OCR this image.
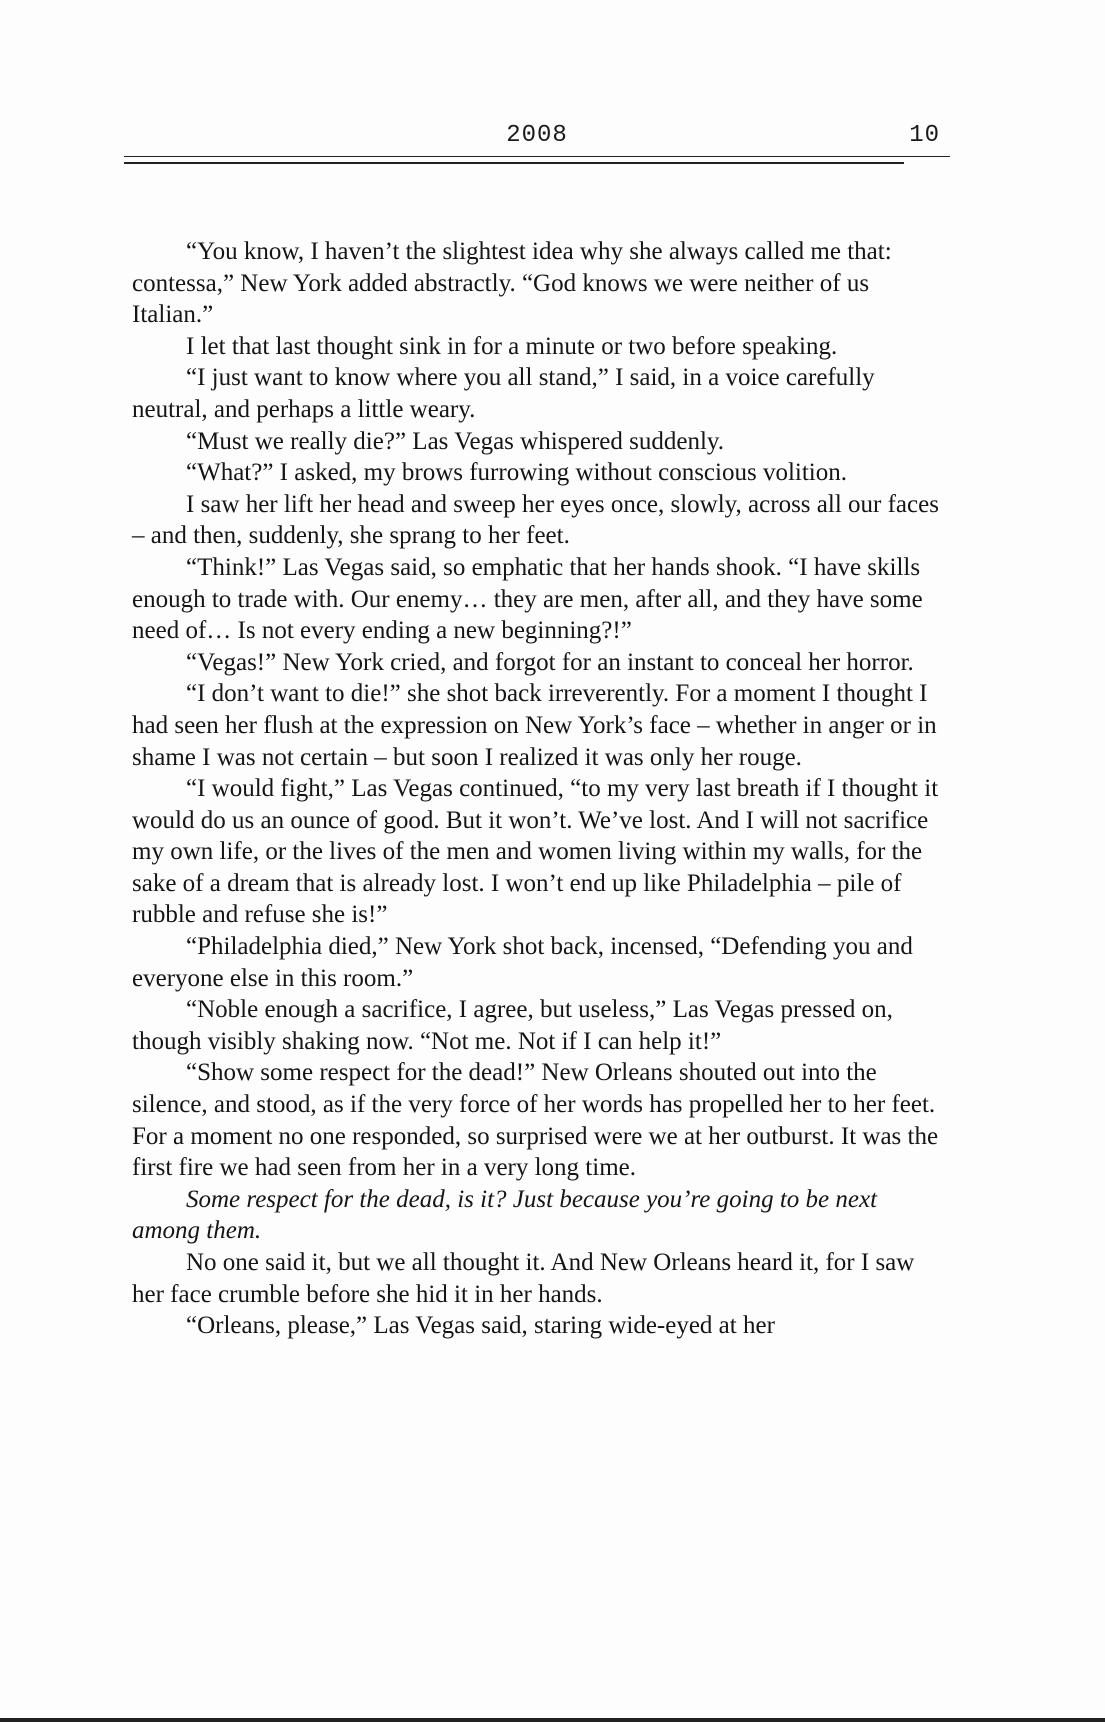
2008	10

“You know, I haven’t the slightest idea why she always called me that: contessa,” New York added abstractly. “God knows we were neither of us Italian.”

I let that last thought sink in for a minute or two before speaking.

“I just want to know where you all stand,” I said, in a voice carefully neutral, and perhaps a little weary.

“Must we really die?” Las Vegas whispered suddenly.

“What?” I asked, my brows furrowing without conscious volition.

I saw her lift her head and sweep her eyes once, slowly, across all our faces – and then, suddenly, she sprang to her feet.

“Think!” Las Vegas said, so emphatic that her hands shook. “I have skills enough to trade with. Our enemy… they are men, after all, and they have some need of… Is not every ending a new beginning?!”

“Vegas!” New York cried, and forgot for an instant to conceal her horror.

“I don’t want to die!” she shot back irreverently. For a moment I thought I had seen her flush at the expression on New York’s face – whether in anger or in shame I was not certain – but soon I realized it was only her rouge.

“I would fight,” Las Vegas continued, “to my very last breath if I thought it would do us an ounce of good. But it won’t. We’ve lost. And I will not sacrifice my own life, or the lives of the men and women living within my walls, for the sake of a dream that is already lost. I won’t end up like Philadelphia – pile of rubble and refuse she is!”

“Philadelphia died,” New York shot back, incensed, “Defending you and everyone else in this room.”

“Noble enough a sacrifice, I agree, but useless,” Las Vegas pressed on, though visibly shaking now. “Not me. Not if I can help it!”

“Show some respect for the dead!” New Orleans shouted out into the silence, and stood, as if the very force of her words has propelled her to her feet. For a moment no one responded, so surprised were we at her outburst. It was the first fire we had seen from her in a very long time.

Some respect for the dead, is it? Just because you’re going to be next among them.

No one said it, but we all thought it. And New Orleans heard it, for I saw her face crumble before she hid it in her hands.

“Orleans, please,” Las Vegas said, staring wide-eyed at her
